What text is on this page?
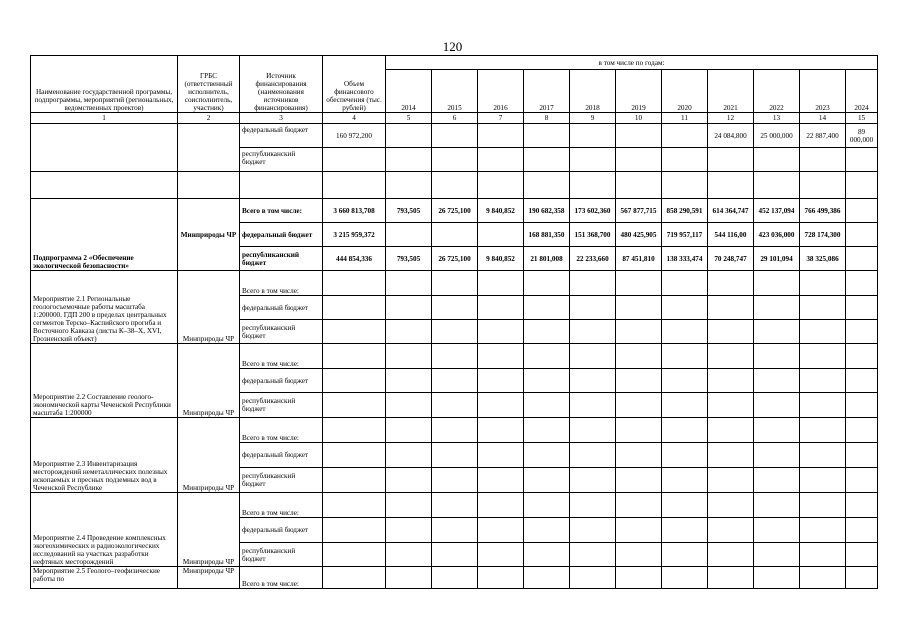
120
Наименование государственной программы, подпрограммы, мероприятий (региональных, ведомственных проектов)	ГРБС (ответственный исполнитель, соисполнитель, участник)	Источник финансирования (наименования источников финансирования)	Объем финансового обеспечения (тыс. рублей)	в том числе по годам:										
				2014	2015	2016	2017	2018	2019	2020	2021	2022	2023	2024
1	2	3	4	5	6	7	8	9	10	11	12	13	14	15
		федеральный бюджет	160 972,200								24 084,800	25 000,000	22 887,400	89 000,000
		республиканский бюджет												

Подпрограмма 2 «Обеспечение экологической безопасности»	Минприроды ЧР	Всего в том числе:	3 660 813,708	793,505	26 725,100	9 840,852	190 682,358	173 602,360	567 877,715	858 290,591	614 364,747	452 137,094	766 499,386	
		федеральный бюджет	3 215 959,372				168 881,350	151 368,700	480 425,905	719 957,117	544 116,00	423 036,000	728 174,300	
		республиканский бюджет	444 854,336	793,505	26 725,100	9 840,852	21 801,008	22 233,660	87 451,810	138 333,474	70 248,747	29 101,094	38 325,086	
Мероприятие 2.1 Региональные геологосъемочные работы масштаба 1:200000. ГДП 200 в пределах центральных сегментов Терско–Каспийского прогиба и Восточного Кавказа (листы К–38–Х, XVI, Грозненский объект)	Минприроды ЧР	Всего в том числе:												
		федеральный бюджет												
		республиканский бюджет												
Мероприятие 2.2 Составление геолого-экономической карты Чеченской Республики масштаба 1:200000	Минприроды ЧР	Всего в том числе:												
		федеральный бюджет												
		республиканский бюджет												
Мероприятие 2.3 Инвентаризация месторождений неметаллических полезных ископаемых и пресных подземных вод в Чеченской Республике	Минприроды ЧР	Всего в том числе:												
		федеральный бюджет												
		республиканский бюджет												
Мероприятие 2.4 Проведение комплексных экогеохимических и радиоэкологических исследований на участках разработки нефтяных месторождений	Минприроды ЧР	Всего в том числе:												
		федеральный бюджет												
		республиканский бюджет												
Мероприятие 2.5 Геолого–геофизические работы по	Минприроды ЧР	Всего в том числе:												
